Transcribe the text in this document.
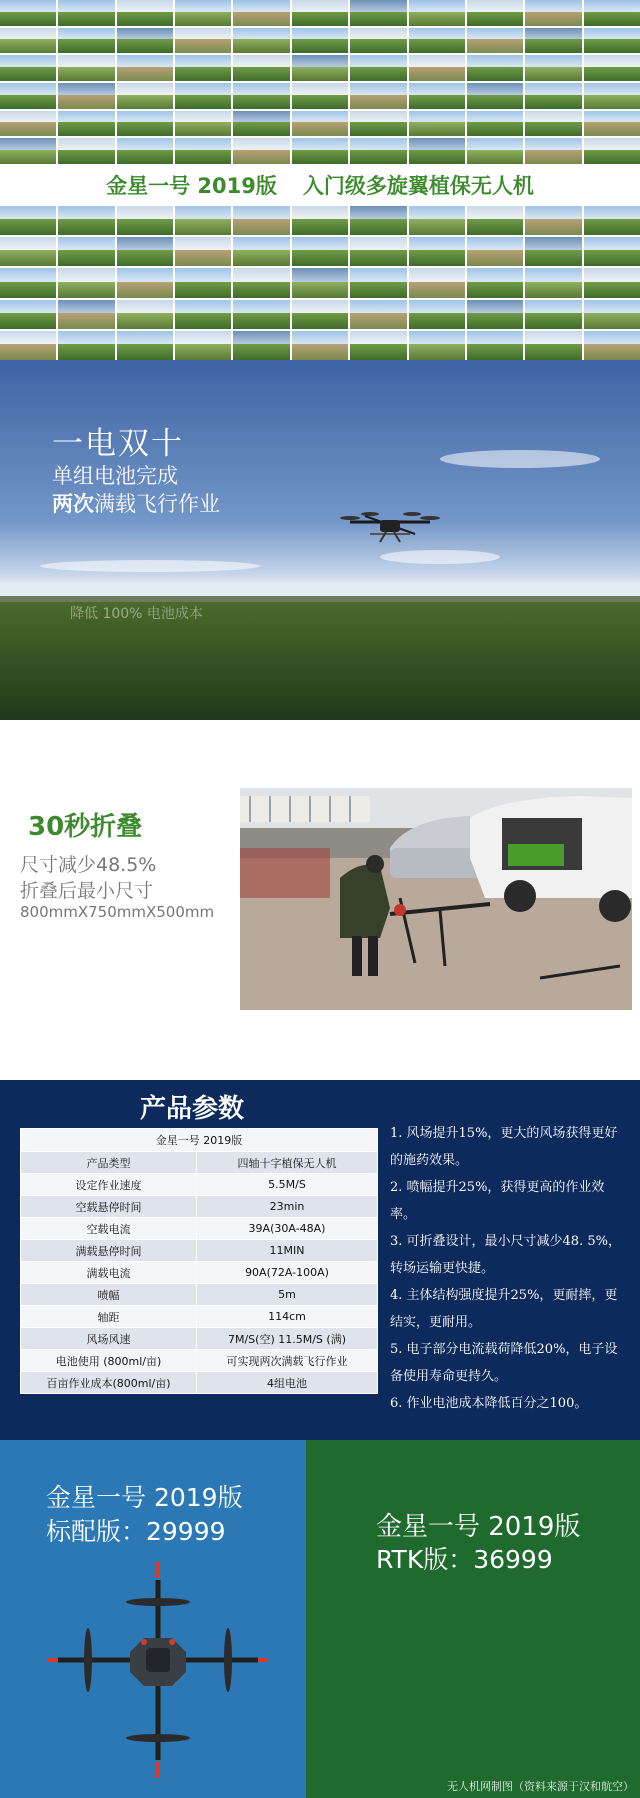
金星一号 2019版 入门级多旋翼植保无人机
一电双十
单组电池完成
两次满载飞行作业
降低 100% 电池成本
30秒折叠
尺寸减少48.5%
折叠后最小尺寸
800mmX750mmX500mm
产品参数
金星一号 2019版	
产品类型	四轴十字植保无人机
设定作业速度	5.5M/S
空载悬停时间	23min
空载电流	39A(30A-48A)
满载悬停时间	11MIN
满载电流	90A(72A-100A)
喷幅	5m
轴距	114cm
风场风速	7M/S(空) 11.5M/S (满)
电池使用 (800ml/亩)	可实现两次满载飞行作业
百亩作业成本(800ml/亩)	4组电池
1. 风场提升15%，更大的风场获得更好的施药效果。
2. 喷幅提升25%，获得更高的作业效率。
3. 可折叠设计，最小尺寸减少48. 5%，转场运输更快捷。
4. 主体结构强度提升25%，更耐摔，更结实，更耐用。
5. 电子部分电流载荷降低20%，电子设备使用寿命更持久。
6. 作业电池成本降低百分之100。
金星一号 2019版
标配版：29999	金星一号 2019版
RTK版：36999
无人机网制图（资料来源于汉和航空）
